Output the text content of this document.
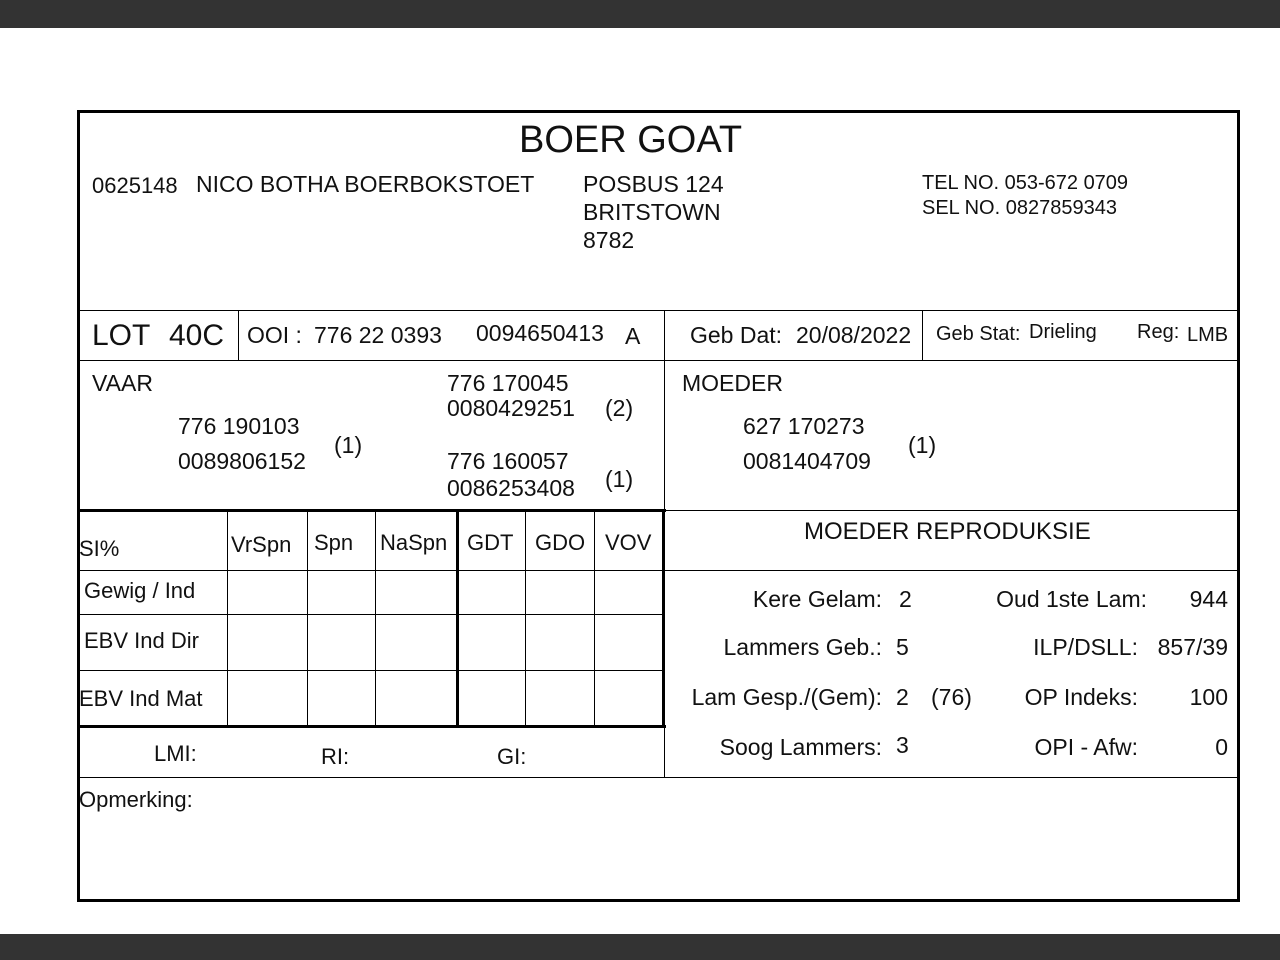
BOER GOAT
0625148 NICO BOTHA BOERBOKSTOET POSBUS 124
BRITSTOWN
8782
TEL NO. 053-672 0709
SEL NO. 0827859343
LOT 40C OOI : 776 22 0393 0094650413 A Geb Dat: 20/08/2022 Geb Stat: Drieling Reg: LMB
VAAR
776 190103
0089806152
(1)
776 170045
0080429251 (2)
776 160057
0086253408 (1)
MOEDER
627 170273
0081404709
(1)
SI%	VrSpn Spn NaSpn GDT GDO VOV
Gewig / Ind
EBV Ind Dir
EBV Ind Mat
LMI:	RI:	GI:
MOEDER REPRODUKSIE
Kere Gelam: 2	Oud 1ste Lam: 944
Lammers Geb.: 5	ILP/DSLL: 857/39
Lam Gesp./(Gem): 2 (76) OP Indeks: 100
Soog Lammers: 3	OPI - Afw:	0
Opmerking:
